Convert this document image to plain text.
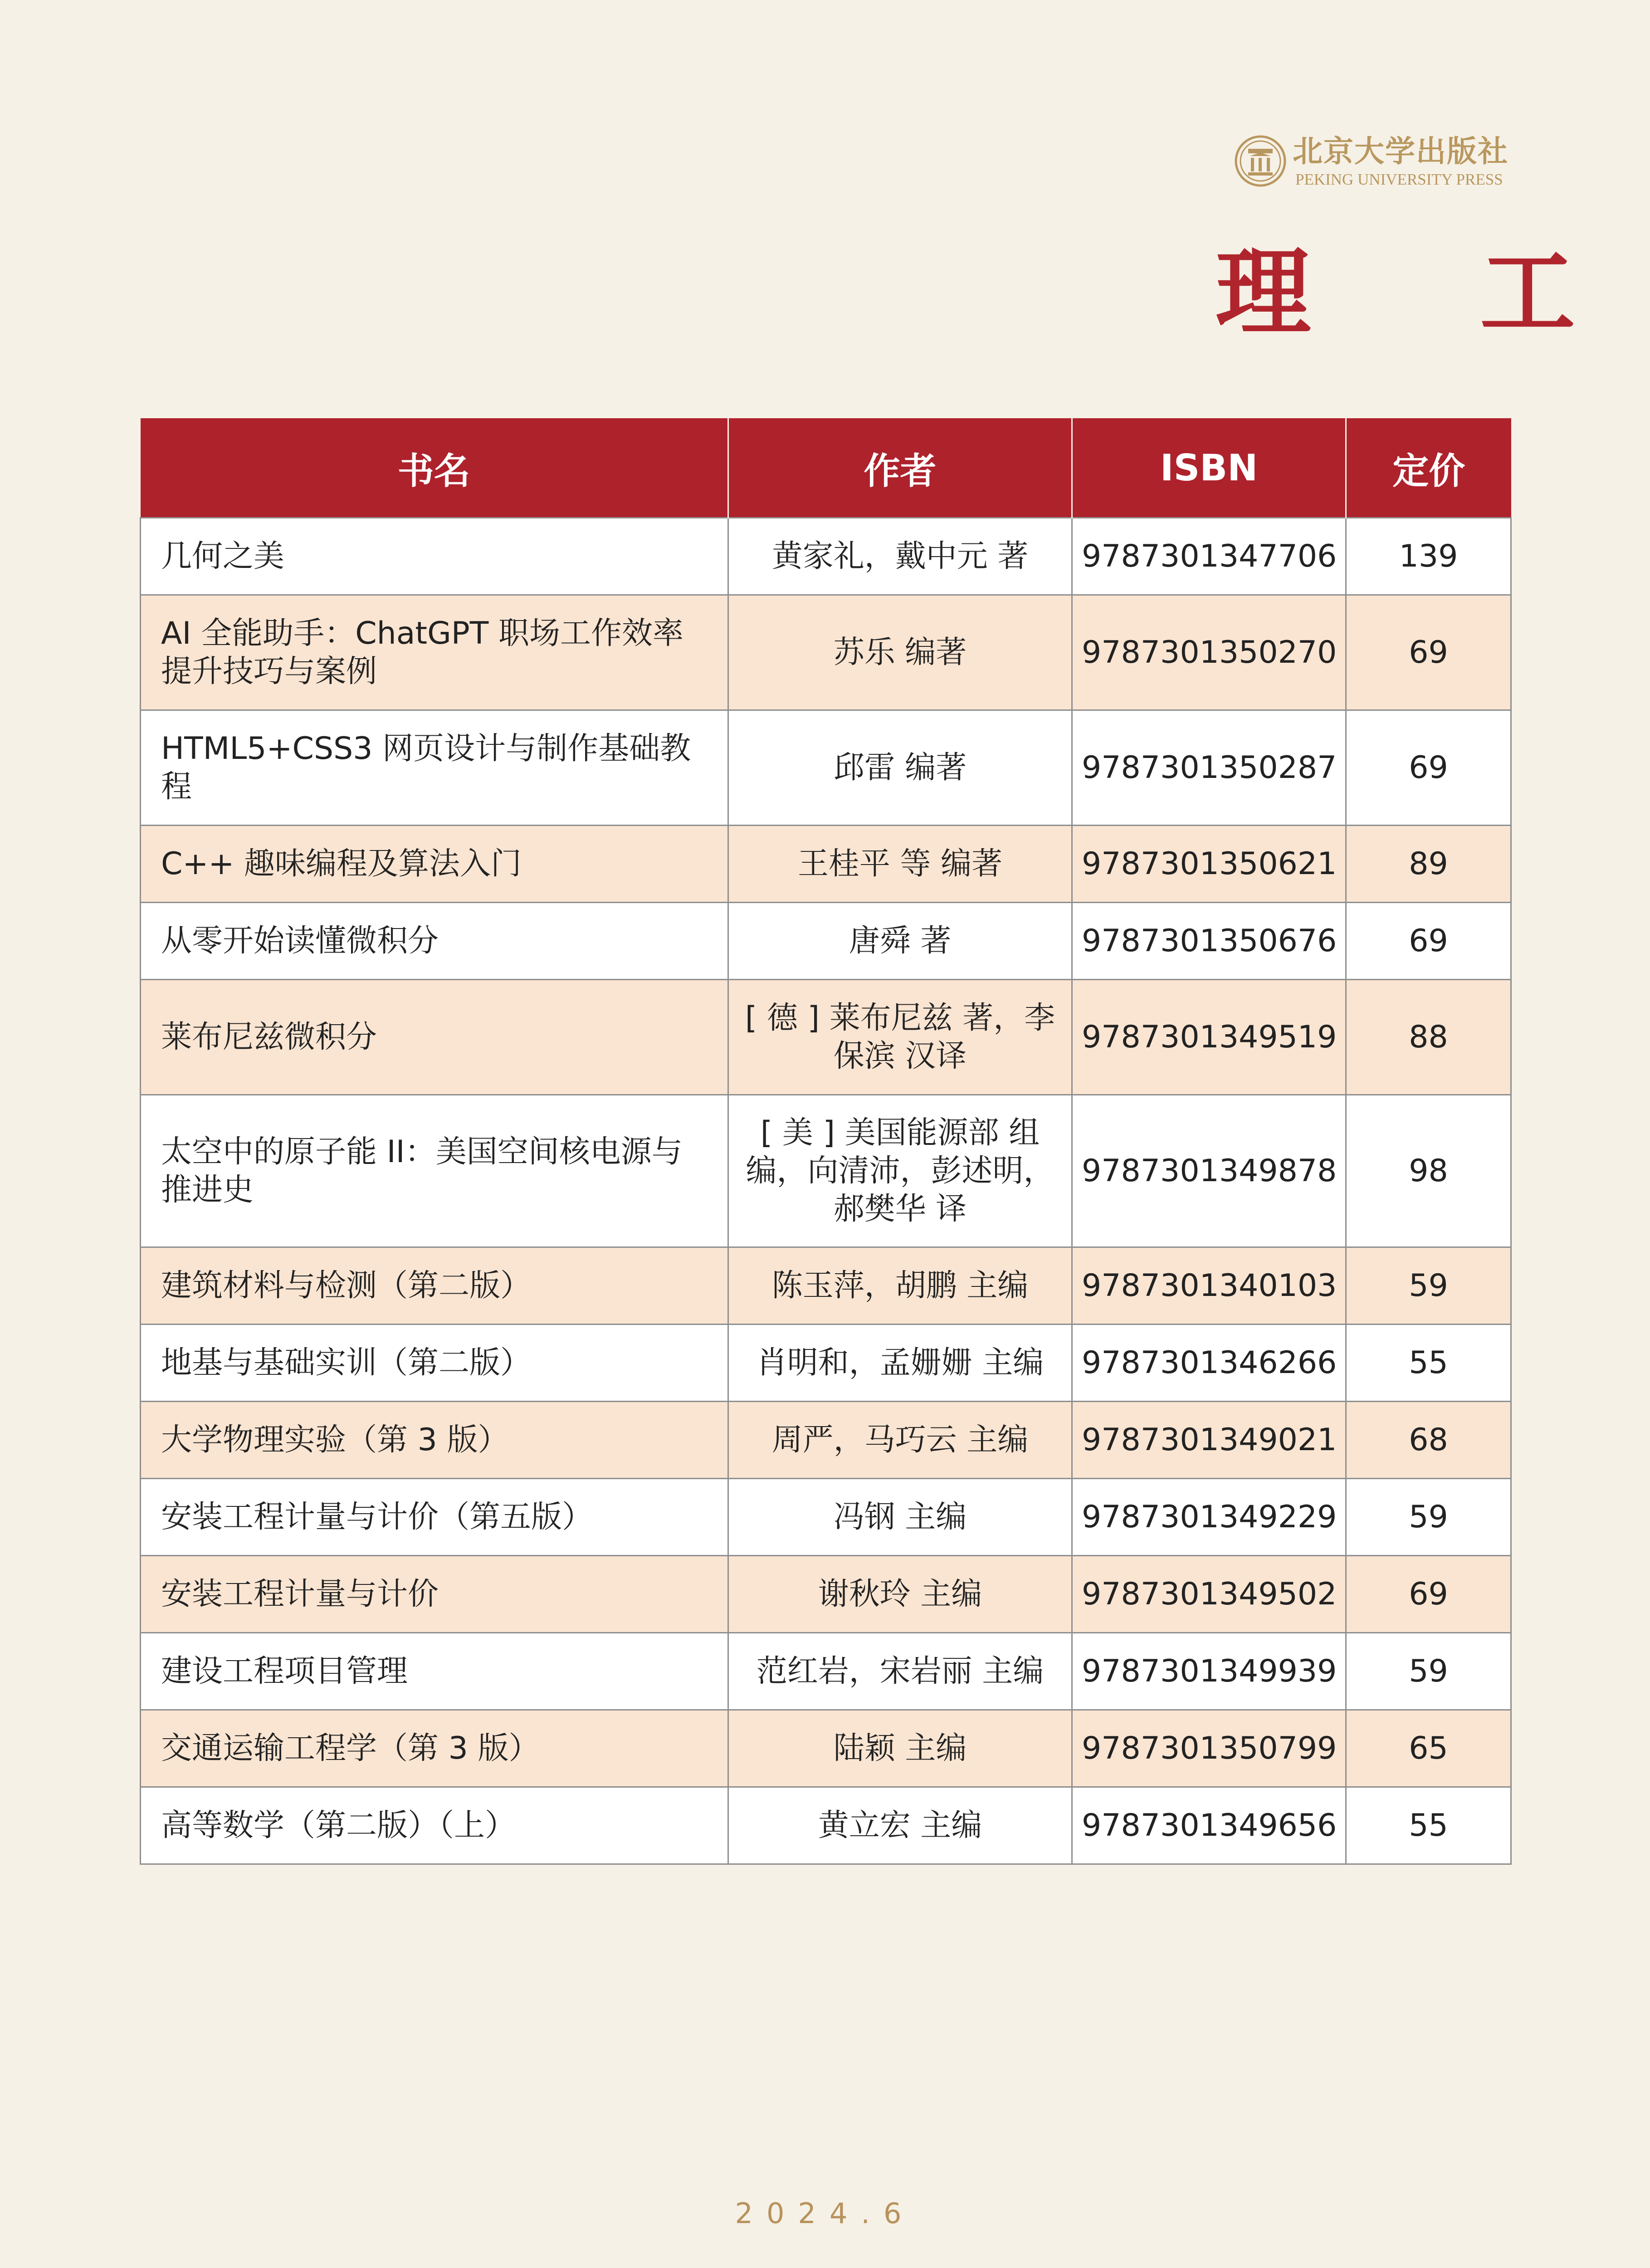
北京大学出版社
PEKING UNIVERSITY PRESS
理 工
书名	作者	ISBN	定价
几何之美	黄家礼，戴中元 著	9787301347706	139
AI 全能助手：ChatGPT 职场工作效率提升技巧与案例	苏乐 编著	9787301350270	69
HTML5+CSS3 网页设计与制作基础教程	邱雷 编著	9787301350287	69
C++ 趣味编程及算法入门	王桂平 等 编著	9787301350621	89
从零开始读懂微积分	唐舜 著	9787301350676	69
莱布尼兹微积分	[ 德 ] 莱布尼兹 著，李保滨 汉译	9787301349519	88
太空中的原子能 II：美国空间核电源与推进史	[ 美 ] 美国能源部 组编，向清沛，彭述明，郝樊华 译	9787301349878	98
建筑材料与检测（第二版）	陈玉萍，胡鹏 主编	9787301340103	59
地基与基础实训（第二版）	肖明和，孟姗姗 主编	9787301346266	55
大学物理实验（第 3 版）	周严，马巧云 主编	9787301349021	68
安装工程计量与计价（第五版）	冯钢 主编	9787301349229	59
安装工程计量与计价	谢秋玲 主编	9787301349502	69
建设工程项目管理	范红岩，宋岩丽 主编	9787301349939	59
交通运输工程学（第 3 版）	陆颖 主编	9787301350799	65
高等数学（第二版）（上）	黄立宏 主编	9787301349656	55
2024.6
